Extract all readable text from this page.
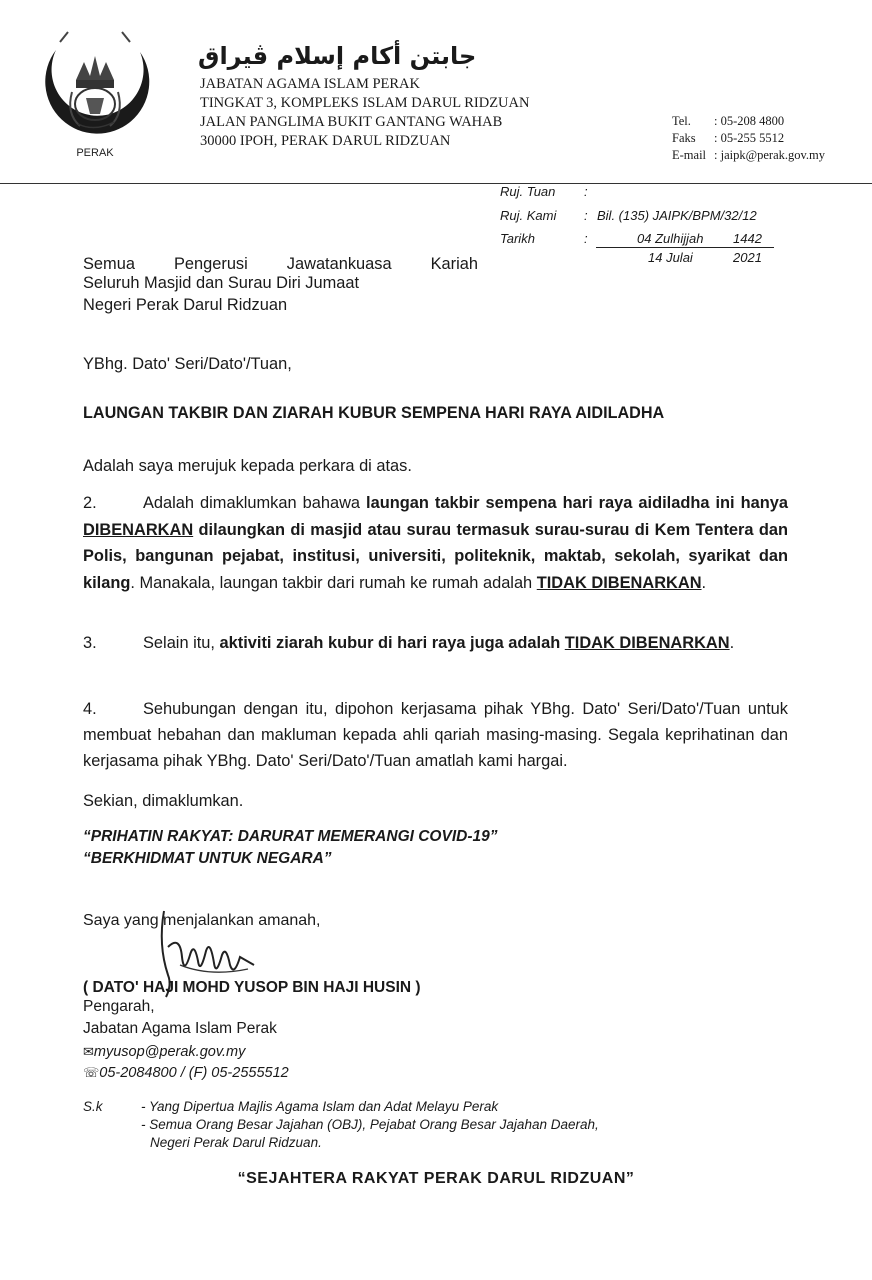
PERAK
جابتن أكام إسلام ڤيراق
JABATAN AGAMA ISLAM PERAK
TINGKAT 3, KOMPLEKS ISLAM DARUL RIDZUAN
JALAN PANGLIMA BUKIT GANTANG WAHAB
30000 IPOH, PERAK DARUL RIDZUAN
Tel. : 05-208 4800
Faks : 05-255 5512
E-mail : jaipk@perak.gov.my
Ruj. Tuan :
Ruj. Kami : Bil. (135) JAIPK/BPM/32/12
Tarikh	:	04 Zulhijjah 1442
14 Julai	2021
Semua Pengerusi Jawatankuasa Kariah
Seluruh Masjid dan Surau Diri Jumaat
Negeri Perak Darul Ridzuan
YBhg. Dato' Seri/Dato'/Tuan,
LAUNGAN TAKBIR DAN ZIARAH KUBUR SEMPENA HARI RAYA AIDILADHA
Adalah saya merujuk kepada perkara di atas.
2.	Adalah dimaklumkan bahawa laungan takbir sempena hari raya aidiladha ini hanya DIBENARKAN dilaungkan di masjid atau surau termasuk surau-surau di Kem Tentera dan Polis, bangunan pejabat, institusi, universiti, politeknik, maktab, sekolah, syarikat dan kilang. Manakala, laungan takbir dari rumah ke rumah adalah TIDAK DIBENARKAN.
3.	Selain itu, aktiviti ziarah kubur di hari raya juga adalah TIDAK DIBENARKAN.
4.	Sehubungan dengan itu, dipohon kerjasama pihak YBhg. Dato' Seri/Dato'/Tuan untuk membuat hebahan dan makluman kepada ahli qariah masing-masing. Segala keprihatinan dan kerjasama pihak YBhg. Dato' Seri/Dato'/Tuan amatlah kami hargai.
Sekian, dimaklumkan.
“PRIHATIN RAKYAT: DARURAT MEMERANGI COVID-19”
“BERKHIDMAT UNTUK NEGARA”
Saya yang menjalankan amanah,
( DATO' HAJI MOHD YUSOP BIN HAJI HUSIN )
Pengarah,
Jabatan Agama Islam Perak
✉myusop@perak.gov.my
☏05-2084800 / (F) 05-2555512
S.k	- Yang Dipertua Majlis Agama Islam dan Adat Melayu Perak
- Semua Orang Besar Jajahan (OBJ), Pejabat Orang Besar Jajahan Daerah,
Negeri Perak Darul Ridzuan.
“SEJAHTERA RAKYAT PERAK DARUL RIDZUAN”
